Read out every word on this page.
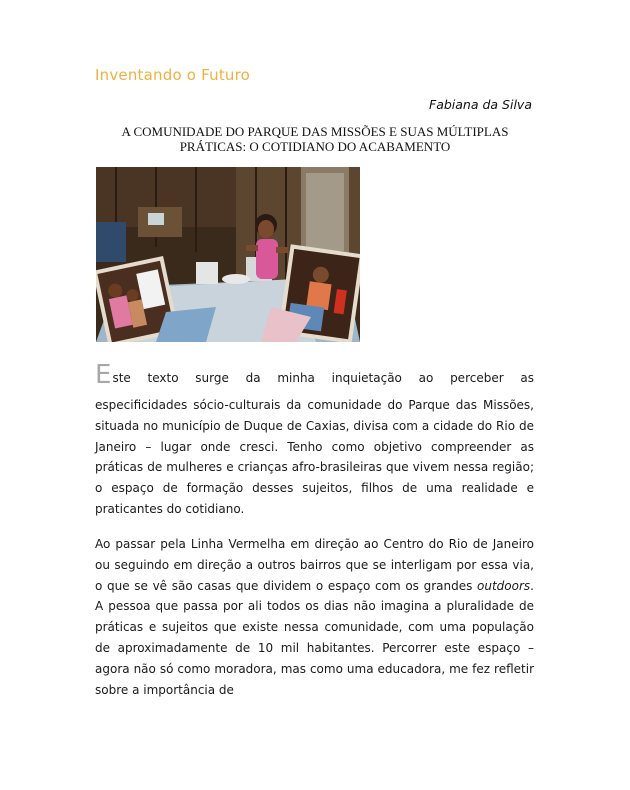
Inventando o Futuro
Fabiana da Silva
A COMUNIDADE DO PARQUE DAS MISSÕES E SUAS MÚLTIPLAS
PRÁTICAS: O COTIDIANO DO ACABAMENTO
Este texto surge da minha inquietação ao perceber as
especificidades sócio-culturais da comunidade do Parque das Missões, situada no município de Duque de Caxias, divisa com a cidade do Rio de Janeiro – lugar onde cresci. Tenho como objetivo compreender as práticas de mulheres e crianças afro-brasileiras que vivem nessa região; o espaço de formação desses sujeitos, filhos de uma realidade e praticantes do cotidiano.
Ao passar pela Linha Vermelha em direção ao Centro do Rio de Janeiro ou seguindo em direção a outros bairros que se interligam por essa via, o que se vê são casas que dividem o espaço com os grandes outdoors. A pessoa que passa por ali todos os dias não imagina a pluralidade de práticas e sujeitos que existe nessa comunidade, com uma população de aproximadamente de 10 mil habitantes. Percorrer este espaço – agora não só como moradora, mas como uma educadora, me fez refletir sobre a importância de
